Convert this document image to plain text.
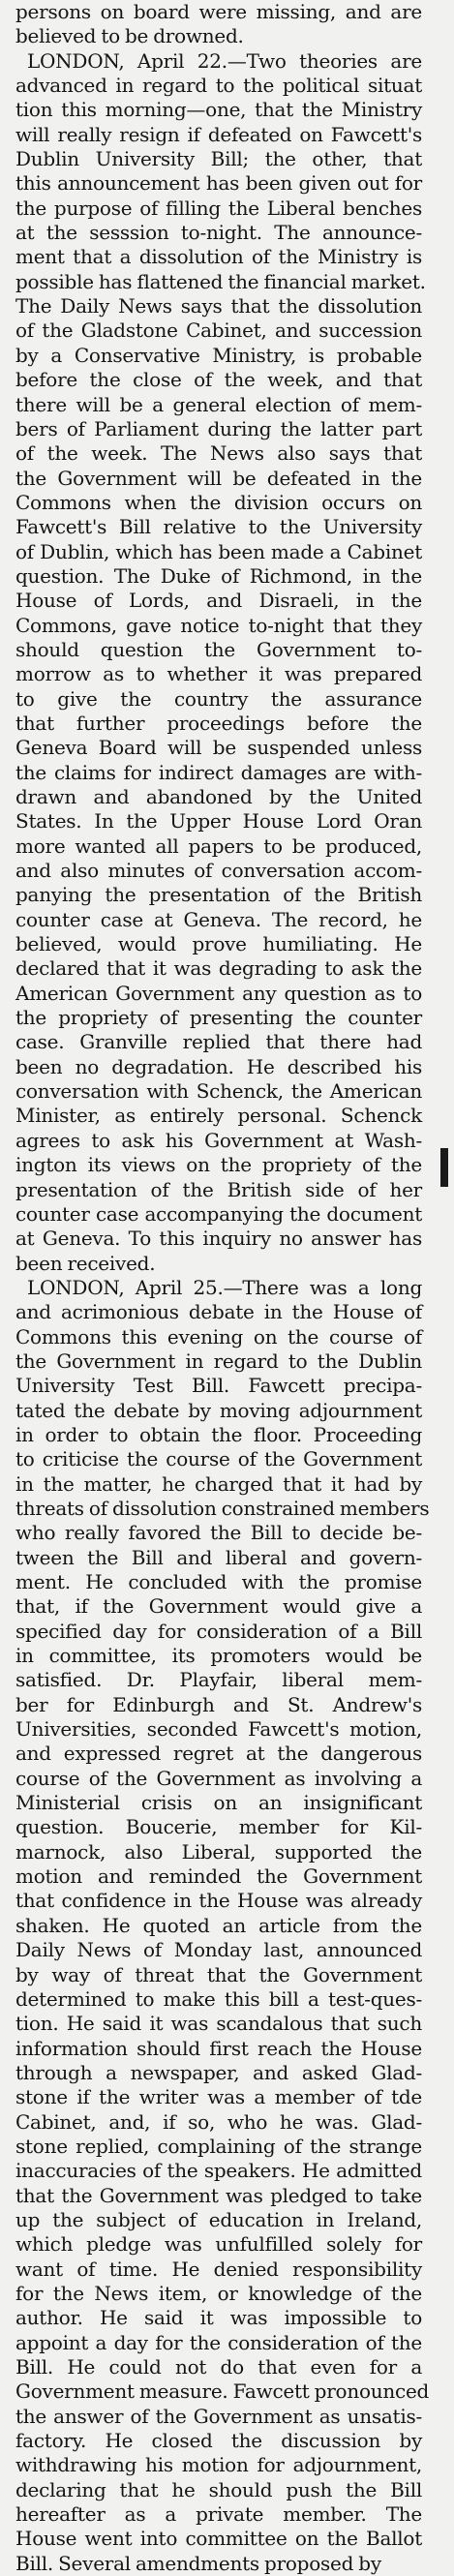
persons on board were missing, and are
believed to be drowned.
LONDON, April 22.—Two theories are
advanced in regard to the political situat
tion this morning—one, that the Ministry
will really resign if defeated on Fawcett's
Dublin University Bill; the other, that
this announcement has been given out for
the purpose of filling the Liberal benches
at the sesssion to-night. The announce-
ment that a dissolution of the Ministry is
possible has flattened the financial market.
The Daily News says that the dissolution
of the Gladstone Cabinet, and succession
by a Conservative Ministry, is probable
before the close of the week, and that
there will be a general election of mem-
bers of Parliament during the latter part
of the week. The News also says that
the Government will be defeated in the
Commons when the division occurs on
Fawcett's Bill relative to the University
of Dublin, which has been made a Cabinet
question. The Duke of Richmond, in the
House of Lords, and Disraeli, in the
Commons, gave notice to-night that they
should question the Government to-
morrow as to whether it was prepared
to give the country the assurance
that further proceedings before the
Geneva Board will be suspended unless
the claims for indirect damages are with-
drawn and abandoned by the United
States. In the Upper House Lord Oran
more wanted all papers to be produced,
and also minutes of conversation accom-
panying the presentation of the British
counter case at Geneva. The record, he
believed, would prove humiliating. He
declared that it was degrading to ask the
American Government any question as to
the propriety of presenting the counter
case. Granville replied that there had
been no degradation. He described his
conversation with Schenck, the American
Minister, as entirely personal. Schenck
agrees to ask his Government at Wash-
ington its views on the propriety of the
presentation of the British side of her
counter case accompanying the document
at Geneva. To this inquiry no answer has
been received.
LONDON, April 25.—There was a long
and acrimonious debate in the House of
Commons this evening on the course of
the Government in regard to the Dublin
University Test Bill. Fawcett precipa-
tated the debate by moving adjournment
in order to obtain the floor. Proceeding
to criticise the course of the Government
in the matter, he charged that it had by
threats of dissolution constrained members
who really favored the Bill to decide be-
tween the Bill and liberal and govern-
ment. He concluded with the promise
that, if the Government would give a
specified day for consideration of a Bill
in committee, its promoters would be
satisfied. Dr. Playfair, liberal mem-
ber for Edinburgh and St. Andrew's
Universities, seconded Fawcett's motion,
and expressed regret at the dangerous
course of the Government as involving a
Ministerial crisis on an insignificant
question. Boucerie, member for Kil-
marnock, also Liberal, supported the
motion and reminded the Government
that confidence in the House was already
shaken. He quoted an article from the
Daily News of Monday last, announced
by way of threat that the Government
determined to make this bill a test-ques-
tion. He said it was scandalous that such
information should first reach the House
through a newspaper, and asked Glad-
stone if the writer was a member of tde
Cabinet, and, if so, who he was. Glad-
stone replied, complaining of the strange
inaccuracies of the speakers. He admitted
that the Government was pledged to take
up the subject of education in Ireland,
which pledge was unfulfilled solely for
want of time. He denied responsibility
for the News item, or knowledge of the
author. He said it was impossible to
appoint a day for the consideration of the
Bill. He could not do that even for a
Government measure. Fawcett pronounced
the answer of the Government as unsatis-
factory. He closed the discussion by
withdrawing his motion for adjournment,
declaring that he should push the Bill
hereafter as a private member. The
House went into committee on the Ballot
Bill. Several amendments proposed by
